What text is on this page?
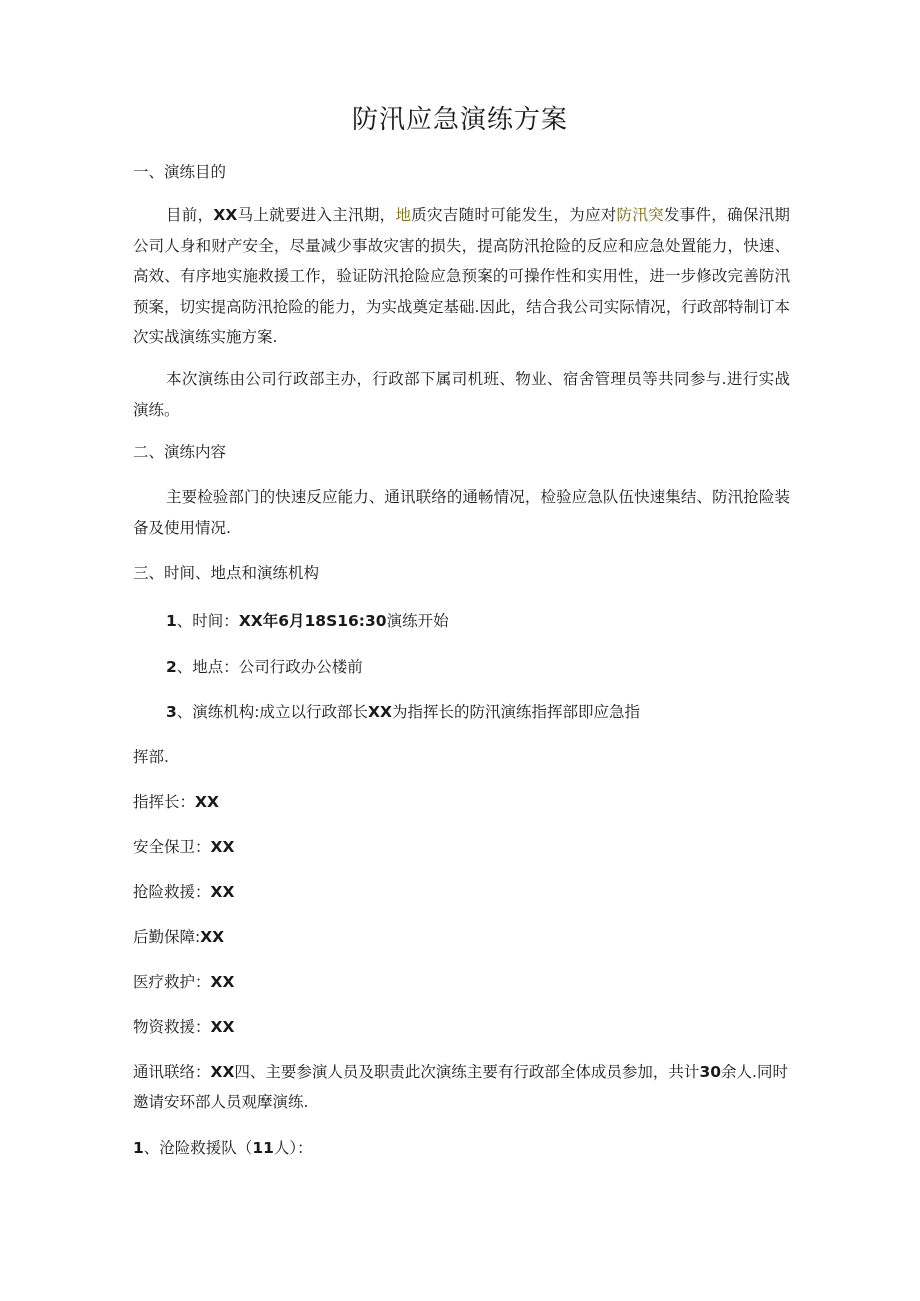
防汛应急演练方案
一、演练目的
目前，XX马上就要进入主汛期，地质灾吉随时可能发生，为应对防汛突发事件，确保汛期公司人身和财产安全，尽量减少事故灾害的损失，提高防汛抢险的反应和应急处置能力，快速、高效、有序地实施救援工作，验证防汛抢险应急预案的可操作性和实用性，进一步修改完善防汛预案，切实提高防汛抢险的能力，为实战奠定基础.因此，结合我公司实际情况，行政部特制订本次实战演练实施方案.
本次演练由公司行政部主办，行政部下属司机班、物业、宿舍管理员等共同参与.进行实战演练。
二、演练内容
主要检验部门的快速反应能力、通讯联络的通畅情况，检验应急队伍快速集结、防汛抢险装备及使用情况.
三、时间、地点和演练机构
1、时间：XX年6月18S16:30演练开始
2、地点：公司行政办公楼前
3、演练机构:成立以行政部长XX为指挥长的防汛演练指挥部即应急指
挥部.
指挥长：XX
安全保卫：XX
抢险救援：XX
后勤保障:XX
医疗救护：XX
物资救援：XX
通讯联络：XX四、主要参演人员及职责此次演练主要有行政部全体成员参加，共计30余人.同时
邀请安环部人员观摩演练.
1、沧险救援队（11人）：
